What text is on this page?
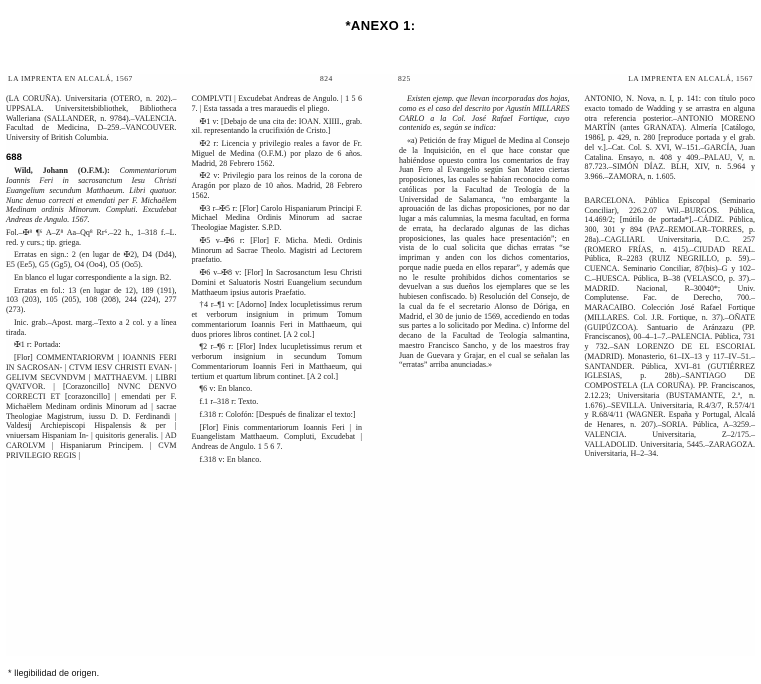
*ANEXO 1:
LA IMPRENTA EN ALCALÁ, 1567	824	825	LA IMPRENTA EN ALCALÁ, 1567

(LA CORUÑA). Universitaria (OTERO, n. 202).–UPPSALA. Universitetsbibliothek, Bibliotheca Walleriana (SALLANDER, n. 9784).–VALENCIA. Facultad de Medicina, D–259.–VANCOUVER. University of British Columbia.

688

Wild, Johann (O.F.M.): Commentariorum Ioannis Feri in sacrosanctum Iesu Christi Euangelium secundum Matthaeum. Libri quatuor. Nunc denuo correcti et emendati per F. Michaëlem Medinam ordinis Minorum. Compluti. Excudebat Andreas de Angulo. 1567.

Fol.–✠⁸ ¶⁶ A–Z⁸ Aa–Qq⁸ Rr⁶.–22 h., 1–318 f.–L. red. y curs.; tip. griega.

Erratas en sign.: 2 (en lugar de ✠2), D4 (Dd4), E5 (Ee5), G5 (Gg5), O4 (Oo4), O5 (Oo5).

En blanco el lugar correspondiente a la sign. B2.

Erratas en fol.: 13 (en lugar de 12), 189 (191), 103 (203), 105 (205), 108 (208), 244 (224), 277 (273).

Inic. grab.–Apost. marg.–Texto a 2 col. y a línea tirada.

✠1 r: Portada:

[Flor] COMMENTARIORVM | IOANNIS FERI IN SACROSAN- | CTVM IESV CHRISTI EVAN- | GELIVM SECVNDVM | MATTHAEVM. | LIBRI QVATVOR. | [Corazoncillo] NVNC DENVO CORRECTI ET [corazoncillo] | emendati per F. Michaëlem Medinam ordinis Minorum ad | sacrae Theologiae Magistrum, iussu D. D. Ferdinandi | Valdesij Archiepiscopi Hispalensis & per | vniuersam Hispaniam In- | quisitoris generalis. | AD CAROLVM | Hispaniarum Principem. | CVM PRIVILEGIO REGIS |

COMPLVTI | Excudebat Andreas de Angulo. | 1 5 6 7. | Esta tassada a tres marauedis el pliego.

✠1 v: [Debajo de una cita de: IOAN. XIIII., grab. xil. representando la crucifixión de Cristo.]

✠2 r: Licencia y privilegio reales a favor de Fr. Miguel de Medina (O.F.M.) por plazo de 6 años. Madrid, 28 Febrero 1562.

✠2 v: Privilegio para los reinos de la corona de Aragón por plazo de 10 años. Madrid, 28 Febrero 1562.

✠3 r–✠5 r: [Flor] Carolo Hispaniarum Principi F. Michael Medina Ordinis Minorum ad sacrae Theologiae Magister. S.P.D.

✠5 v–✠6 r: [Flor] F. Micha. Medi. Ordinis Minorum ad Sacrae Theolo. Magistri ad Lectorem praefatio.

✠6 v–✠8 v: [Flor] In Sacrosanctum Iesu Christi Domini et Saluatoris Nostri Euangelium secundum Matthaeum ipsius autoris Praefatio.

†4 r–¶1 v: [Adorno] Index locupletissimus rerum et verborum insignium in primum Tomum commentariorum Ioannis Feri in Matthaeum, qui duos priores libros continet. [A 2 col.]

¶2 r–¶6 r: [Flor] Index lucupletissimus rerum et verborum insignium in secundum Tomum Commentariorum Ioannis Feri in Matthaeum, qui tertium et quartum librum continet. [A 2 col.]

¶6 v: En blanco.

f.1 r–318 r: Texto.

f.318 r: Colofón: [Después de finalizar el texto:]

[Flor] Finis commentariorum Ioannis Feri | in Euangelistam Matthaeum. Compluti, Excudebat | Andreas de Angulo. 1 5 6 7.

f.318 v: En blanco.

Existen ejemp. que llevan incorporadas dos hojas, como es el caso del descrito por Agustín MILLARES CARLO a la Col. José Rafael Fortique, cuyo contenido es, según se indica:

«a) Petición de fray Miguel de Medina al Consejo de la Inquisición, en el que hace constar que habiéndose opuesto contra los comentarios de fray Juan Fero al Evangelio según San Mateo ciertas proposiciones, las cuales se habían reconocido como católicas por la Facultad de Teología de la Universidad de Salamanca, “no embargante la aprouación de las dichas proposiciones, por no dar lugar a más calumnias, la mesma facultad, en forma de errata, ha declarado algunas de las dichas proposiciones, las quales hace presentación”; en vista de lo cual solicita que dichas erratas “se impriman y anden con los dichos comentarios, porque nadie pueda en ellos reparar”, y además que no le resulte prohibidos dichos comentarios se devuelvan a sus dueños los ejemplares que se les hubiesen confiscado. b) Resolución del Consejo, de la cual da fe el secretario Alonso de Dóriga, en Madrid, el 30 de junio de 1569, accediendo en todas sus partes a lo solicitado por Medina. c) Informe del decano de la Facultad de Teología salmantina, maestro Francisco Sancho, y de los maestros fray Juan de Guevara y Grajar, en el cual se señalan las “erratas” arriba anunciadas.»

ANTONIO, N. Nova, n. I, p. 141: con título poco exacto tomado de Wadding y se arrastra en alguna otra referencia posterior.–ANTONIO MORENO MARTÍN (antes GRANATA). Almería [Catálogo, 1986], p. 429, n. 280 [reproduce portada y el grab. del v.].–Cat. Col. S. XVI, W–151.–GARCÍA, Juan Catalina. Ensayo, n. 408 y 409.–PALAU, V, n. 87.723.–SIMÓN DÍAZ. BLH, XIV, n. 5.964 y 3.966.–ZAMORA, n. 1.605.

BARCELONA. Pública Episcopal (Seminario Conciliar), 226.2.07 Wil.–BURGOS. Pública, 14.469/2; [mútilo de portada*].–CÁDIZ. Pública, 300, 301 y 894 (PAZ–REMOLAR–TORRES, p. 28a).–CAGLIARI. Universitaria, D.C. 257 (ROMERO FRÍAS, n. 415).–CIUDAD REAL. Pública, R–2283 (RUIZ NEGRILLO, p. 59).–CUENCA. Seminario Conciliar, 87(bis)–G y 102–C.–HUESCA. Pública, B–38 (VELASCO, p. 37).–MADRID. Nacional, R–30040*; Univ. Complutense. Fac. de Derecho, 700.–MARACAIBO. Colección José Rafael Fortique (MILLARES. Col. J.R. Fortique, n. 37).–OÑATE (GUIPÚZCOA). Santuario de Aránzazu (PP. Franciscanos), 00–4–1–7.–PALENCIA. Pública, 731 y 732.–SAN LORENZO DE EL ESCORIAL (MADRID). Monasterio, 61–IX–13 y 117–IV–51.–SANTANDER. Pública, XVI–81 (GUTIÉRREZ IGLESIAS, p. 28b).–SANTIAGO DE COMPOSTELA (LA CORUÑA). PP. Franciscanos, 2.12.23; Universitaria (BUSTAMANTE, 2.ª, n. 1.676).–SEVILLA. Universitaria, R.4/3/7, R.57/4/1 y R.68/4/11 (WAGNER. España y Portugal, Alcalá de Henares, n. 207).–SORIA. Pública, A–3259.–VALENCIA. Universitaria, Z–2/175.–VALLADOLID. Universitaria, 5445.–ZARAGOZA. Universitaria, H–2–34.

* Ilegibilidad de origen.
